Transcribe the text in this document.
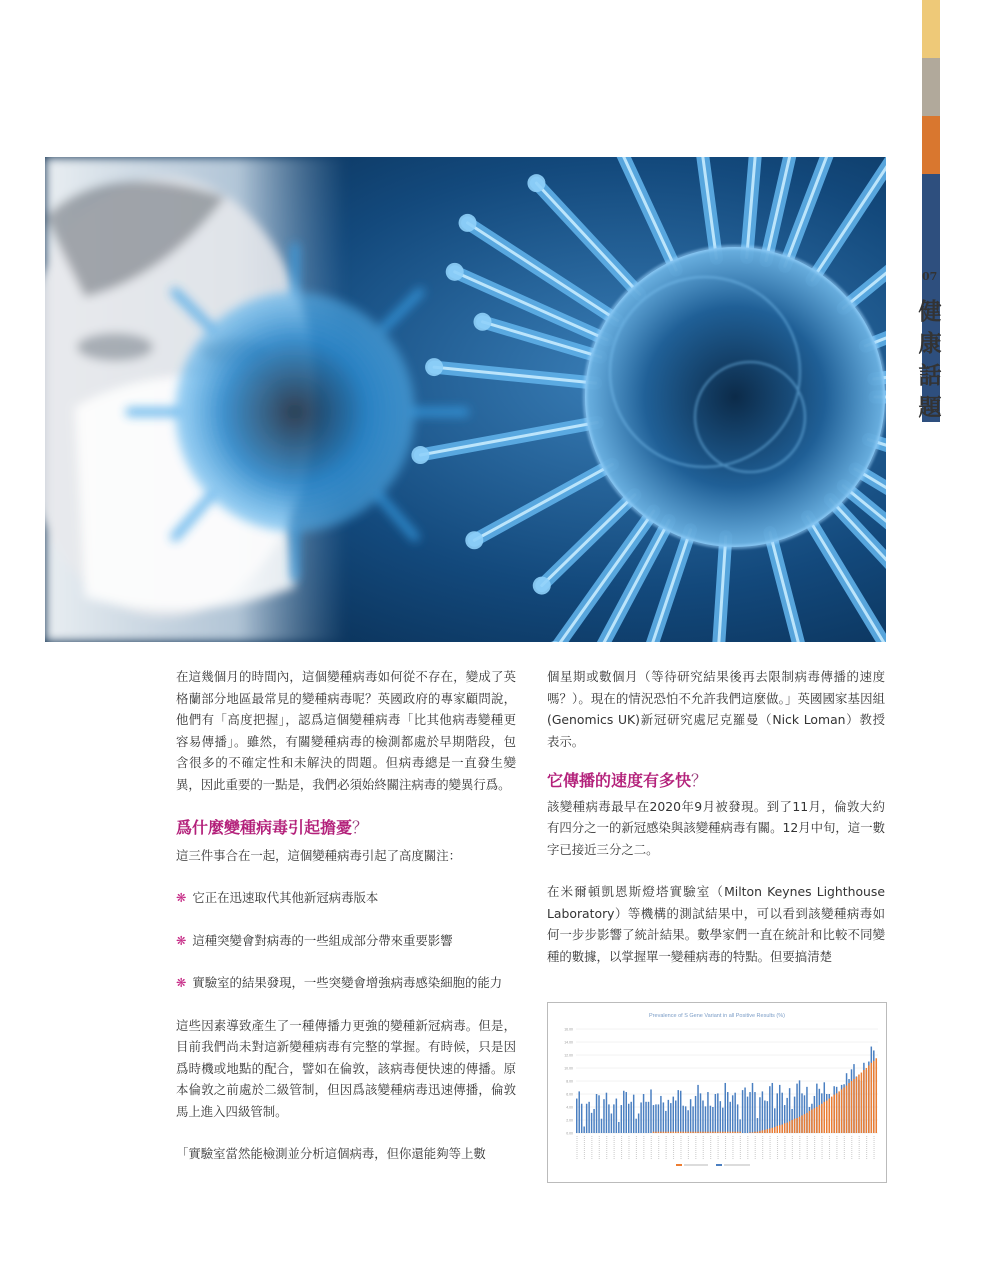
07
健
康
話
題

在這幾個月的時間內，這個變種病毒如何從不存在，變成了英格蘭部分地區最常見的變種病毒呢？英國政府的專家顧問說，他們有「高度把握」，認爲這個變種病毒「比其他病毒變種更容易傳播」。雖然，有關變種病毒的檢測都處於早期階段，包含很多的不確定性和未解決的問題。但病毒總是一直發生變異，因此重要的一點是，我們必須始終關注病毒的變異行爲。

爲什麼變種病毒引起擔憂？

這三件事合在一起，這個變種病毒引起了高度關注：

❋ 它正在迅速取代其他新冠病毒版本
❋ 這種突變會對病毒的一些組成部分帶來重要影響
❋ 實驗室的結果發現，一些突變會增強病毒感染細胞的能力

這些因素導致產生了一種傳播力更強的變種新冠病毒。但是，目前我們尚未對這新變種病毒有完整的掌握。有時候，只是因爲時機或地點的配合，譬如在倫敦，該病毒便快速的傳播。原本倫敦之前處於二級管制，但因爲該變種病毒迅速傳播，倫敦馬上進入四級管制。

「實驗室當然能檢測並分析這個病毒，但你還能夠等上數

個星期或數個月（等待研究結果後再去限制病毒傳播的速度嗎？）。現在的情況恐怕不允許我們這麼做。」英國國家基因組 (Genomics UK)新冠研究處尼克羅曼（Nick Loman）教授表示。

它傳播的速度有多快？

該變種病毒最早在2020年9月被發現。到了11月，倫敦大約有四分之一的新冠感染與該變種病毒有關。12月中旬，這一數字已接近三分之二。

在米爾頓凱恩斯燈塔實驗室（Milton Keynes Lighthouse Laboratory）等機構的測試結果中，可以看到該變種病毒如何一步步影響了統計結果。數學家們一直在統計和比較不同變種的數據，以掌握單一變種病毒的特點。但要搞清楚

Prevalence of S Gene Variant in all Positive Results (%)
0.00
2.00
4.00
6.00
8.00
10.00
12.00
14.00
16.00
